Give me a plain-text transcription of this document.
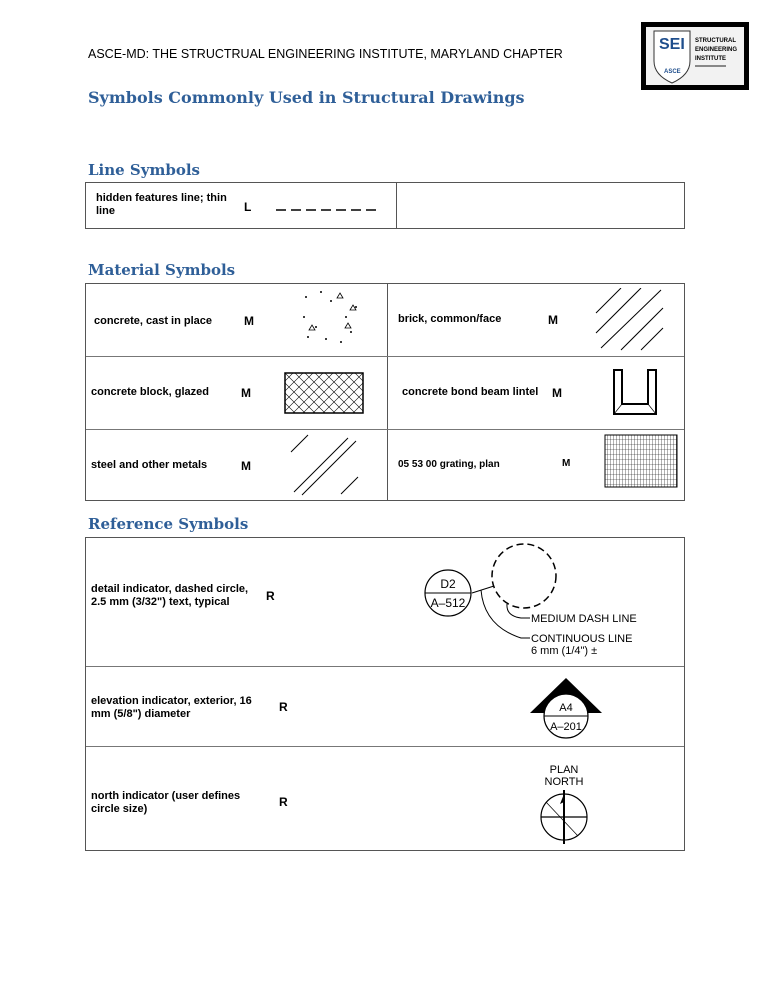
ASCE-MD: THE STRUCTRUAL ENGINEERING INSTITUTE, MARYLAND CHAPTER
SEI
ASCE
STRUCTURAL
ENGINEERING
INSTITUTE
Symbols Commonly Used in Structural Drawings
Line Symbols
hidden features line; thin line	L
Material Symbols
concrete, cast in place	M	brick, common/face	M
concrete block, glazed	M	concrete bond beam lintel M
steel and other metals	M	05 53 00 grating, plan	M
Reference Symbols
detail indicator, dashed circle, 2.5 mm (3/32") text, typical	R
D2
A–512
MEDIUM DASH LINE
CONTINUOUS LINE
6 mm (1/4") ±
elevation indicator, exterior, 16 mm (5/8") diameter	R	A4
A–201
north indicator (user defines circle size)	R
PLAN
NORTH
